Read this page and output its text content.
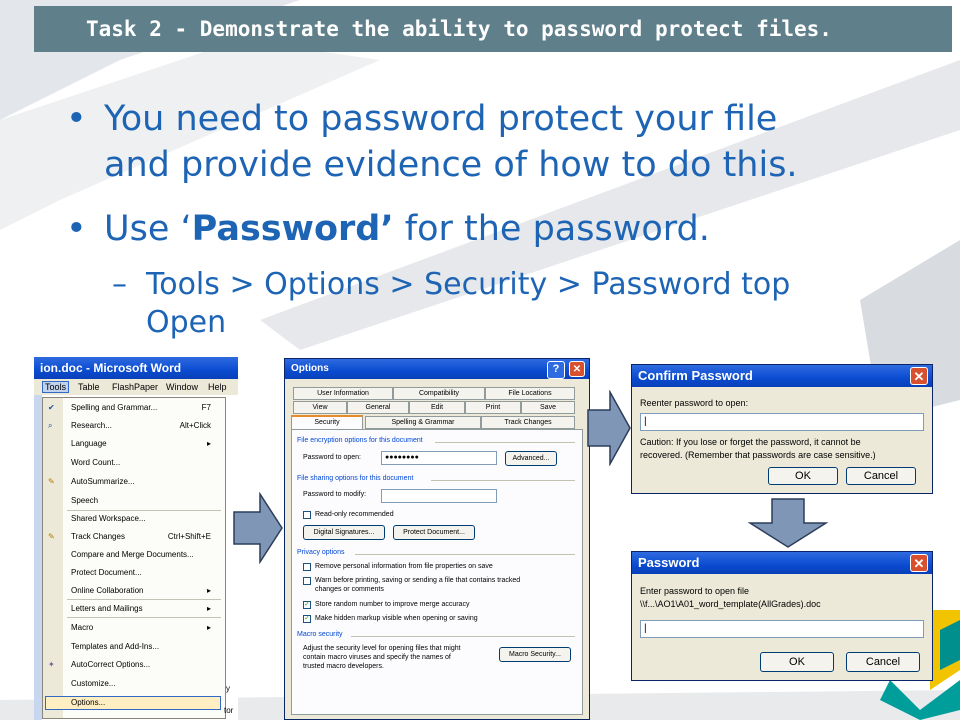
Task 2 - Demonstrate the ability to password protect files.
• You need to password protect your file
and provide evidence of how to do this.
• Use ‘Password’ for the password.
– Tools > Options > Security > Password top
Open
ion.doc - Microsoft Word
Tools	Table FlashPaper Window Help
Spelling and Grammar...	F7
Research...	Alt+Click
Language	▸
Word Count...
AutoSummarize...
Speech
Shared Workspace...
Track Changes	Ctrl+Shift+E
Compare and Merge Documents...
Protect Document...
Online Collaboration	▸
Letters and Mailings	▸
Macro	▸
Templates and Add-Ins...
AutoCorrect Options...
Customize...
Options...
✔
⌕
✎
✎
✦
y
tor
Options	?	✕
User Information	Compatibility	File Locations
View	General	Edit	Print	Save
Security	Spelling & Grammar	Track Changes
File encryption options for this document
Password to open:	●●●●●●●●	Advanced...
File sharing options for this document
Password to modify:
Read-only recommended
Digital Signatures...	Protect Document...
Privacy options
Remove personal information from file properties on save
Warn before printing, saving or sending a file that contains tracked
changes or comments
✓ Store random number to improve merge accuracy
✓ Make hidden markup visible when opening or saving
Macro security
Adjust the security level for opening files that might
contain macro viruses and specify the names of
trusted macro developers.
Macro Security...
Confirm Password	✕
Reenter password to open:
|
Caution: If you lose or forget the password, it cannot be
recovered. (Remember that passwords are case sensitive.)
OK	Cancel
Password	✕
Enter password to open file
\\f...\AO1\A01_word_template(AllGrades).doc
|
OK	Cancel
